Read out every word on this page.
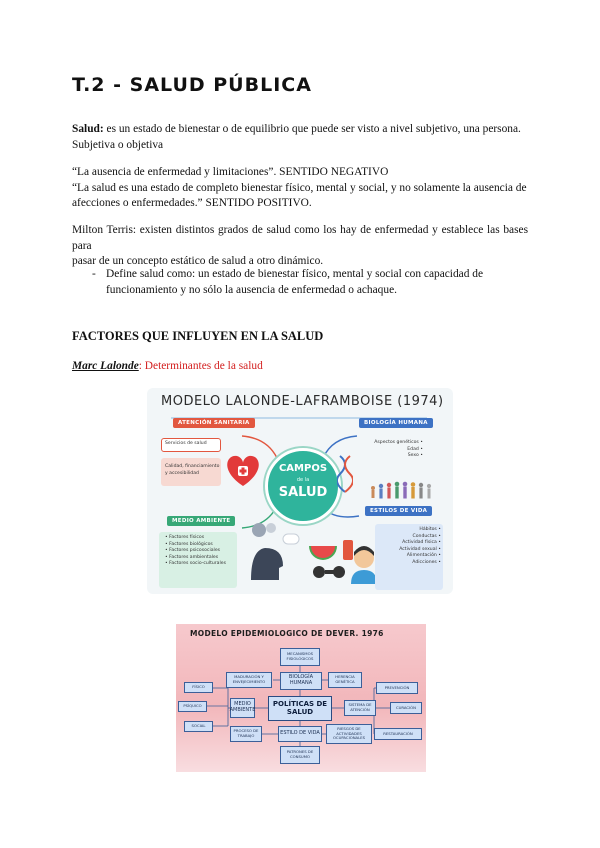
T.2 - SALUD PÚBLICA

Salud: es un estado de bienestar o de equilibrio que puede ser visto a nivel subjetivo, una persona.
Subjetiva o objetiva

“La ausencia de enfermedad y limitaciones”. SENTIDO NEGATIVO
“La salud es una estado de completo bienestar físico, mental y social, y no solamente la ausencia de
afecciones o enfermedades.” SENTIDO POSITIVO.

Milton Terris: existen distintos grados de salud como los hay de enfermedad y establece las bases para
pasar de un concepto estático de salud a otro dinámico.

- Define salud como: un estado de bienestar físico, mental y social con capacidad de
funcionamiento y no sólo la ausencia de enfermedad o achaque.
FACTORES QUE INFLUYEN EN LA SALUD
Marc Lalonde: Determinantes de la salud
MODELO LALONDE-LAFRAMBOISE (1974)
ATENCIÓN SANITARIA
Servicios de salud
Calidad, financiamiento
y accesibilidad	CAMPOS
de la
SALUD
BIOLOGÍA HUMANA
Aspectos genéticos •
Edad •
Sexo •
MEDIO AMBIENTE
• Factores físicos
• Factores biológicos
• Factores psicosociales
• Factores ambientales
• Factores socio-culturales
ESTILOS DE VIDA
Hábitos •
Conductas •
Actividad física •
Actividad sexual •
Alimentación •
Adicciones •
MODELO EPIDEMIOLOGICO DE DEVER. 1976
MECANISMOS FISIOLÓGICOS
MADURACIÓN Y ENVEJECIMIENTO
BIOLOGÍA HUMANA
HERENCIA GENÉTICA
FÍSICO	PREVENCIÓN
PSÍQUICO	MEDIO AMBIENTE
POLÍTICAS DE SALUD
SISTEMA DE ATENCIÓN	CURACIÓN
SOCIAL
PROCESO DE TRABAJO	ESTILO DE VIDA
RIESGOS DE ACTIVIDADES OCUPACIONALES
RESTAURACIÓN
PATRONES DE CONSUMO
